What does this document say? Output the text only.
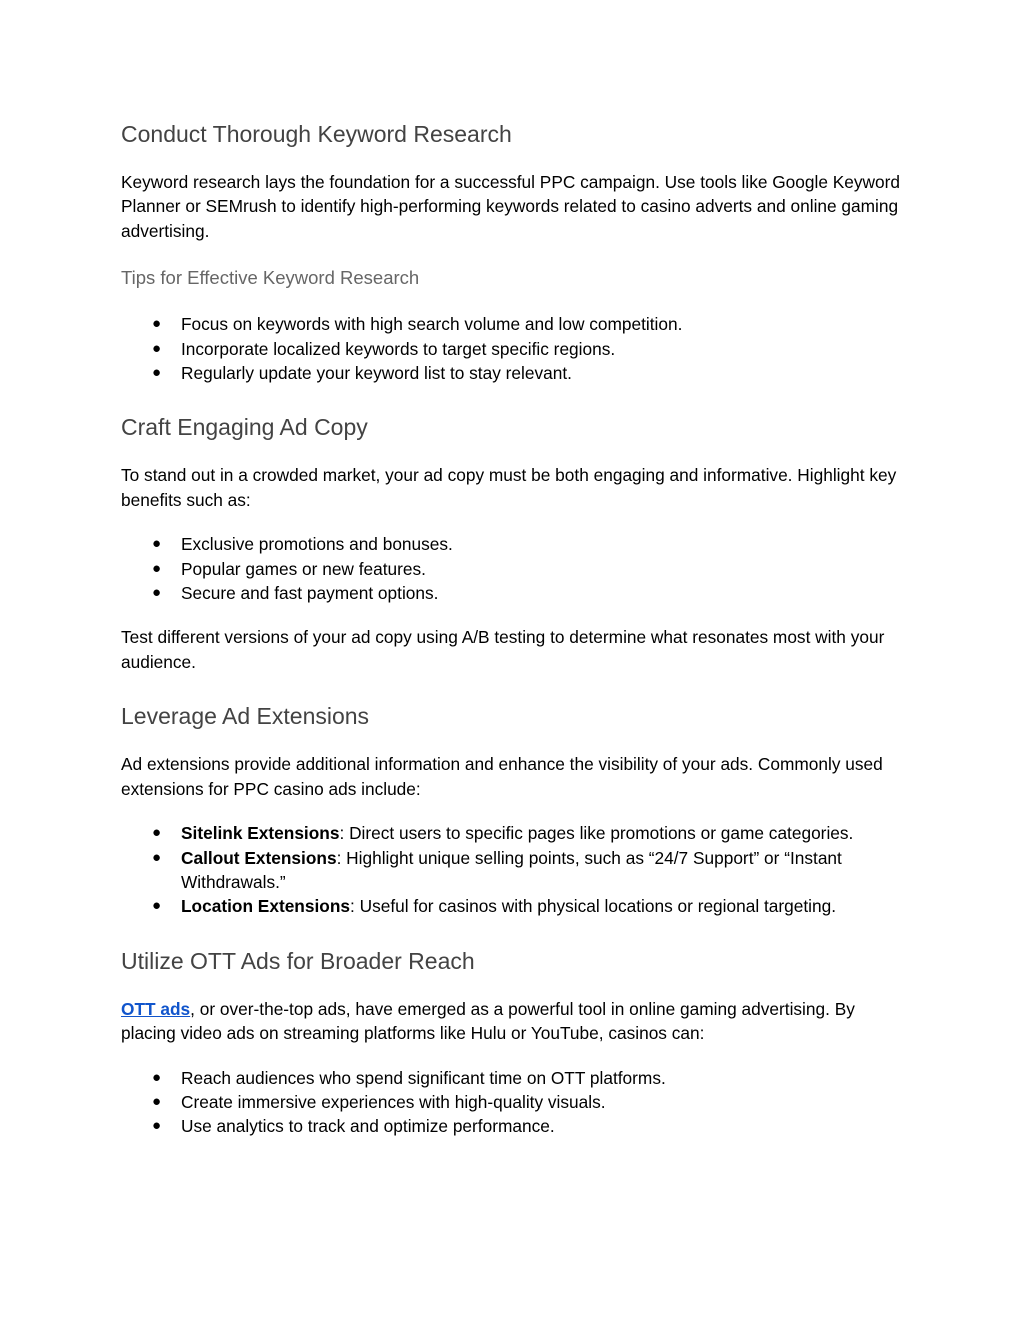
Conduct Thorough Keyword Research

Keyword research lays the foundation for a successful PPC campaign. Use tools like Google Keyword Planner or SEMrush to identify high-performing keywords related to casino adverts and online gaming advertising.

Tips for Effective Keyword Research
● Focus on keywords with high search volume and low competition.
● Incorporate localized keywords to target specific regions.
● Regularly update your keyword list to stay relevant.
Craft Engaging Ad Copy

To stand out in a crowded market, your ad copy must be both engaging and informative. Highlight key benefits such as:

● Exclusive promotions and bonuses.
● Popular games or new features.
● Secure and fast payment options.

Test different versions of your ad copy using A/B testing to determine what resonates most with your audience.

Leverage Ad Extensions

Ad extensions provide additional information and enhance the visibility of your ads. Commonly used extensions for PPC casino ads include:

● Sitelink Extensions: Direct users to specific pages like promotions or game categories.
● Callout Extensions: Highlight unique selling points, such as “24/7 Support” or “Instant Withdrawals.”
● Location Extensions: Useful for casinos with physical locations or regional targeting.
Utilize OTT Ads for Broader Reach

OTT ads, or over-the-top ads, have emerged as a powerful tool in online gaming advertising. By placing video ads on streaming platforms like Hulu or YouTube, casinos can:

● Reach audiences who spend significant time on OTT platforms.
● Create immersive experiences with high-quality visuals.
● Use analytics to track and optimize performance.
